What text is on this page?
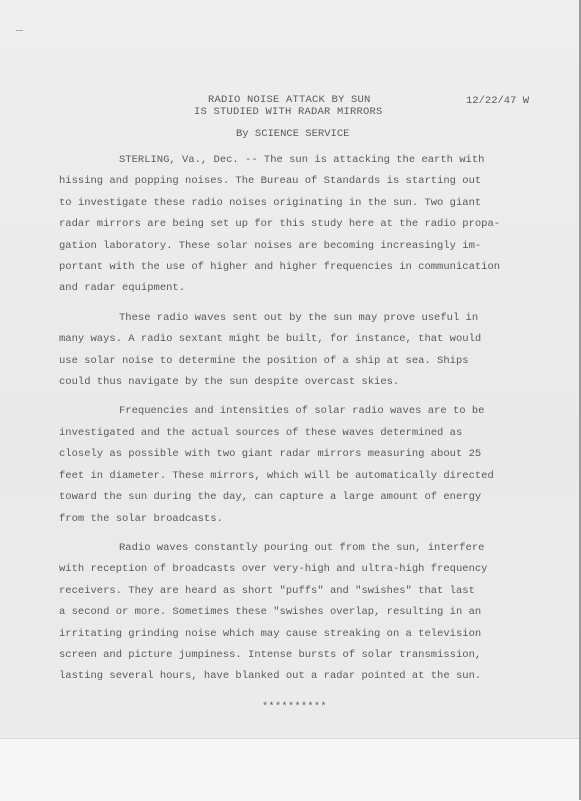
RADIO NOISE ATTACK BY SUN
IS STUDIED WITH RADAR MIRRORS
12/22/47 W
By SCIENCE SERVICE

STERLING, Va., Dec. -- The sun is attacking the earth with
hissing and popping noises. The Bureau of Standards is starting out
to investigate these radio noises originating in the sun. Two giant
radar mirrors are being set up for this study here at the radio propa-
gation laboratory. These solar noises are becoming increasingly im-
portant with the use of higher and higher frequencies in communication
and radar equipment.

These radio waves sent out by the sun may prove useful in
many ways. A radio sextant might be built, for instance, that would
use solar noise to determine the position of a ship at sea. Ships
could thus navigate by the sun despite overcast skies.

Frequencies and intensities of solar radio waves are to be
investigated and the actual sources of these waves determined as
closely as possible with two giant radar mirrors measuring about 25
feet in diameter. These mirrors, which will be automatically directed
toward the sun during the day, can capture a large amount of energy
from the solar broadcasts.

Radio waves constantly pouring out from the sun, interfere
with reception of broadcasts over very-high and ultra-high frequency
receivers. They are heard as short "puffs" and "swishes" that last
a second or more. Sometimes these "swishes overlap, resulting in an
irritating grinding noise which may cause streaking on a television
screen and picture jumpiness. Intense bursts of solar transmission,
lasting several hours, have blanked out a radar pointed at the sun.

**********
